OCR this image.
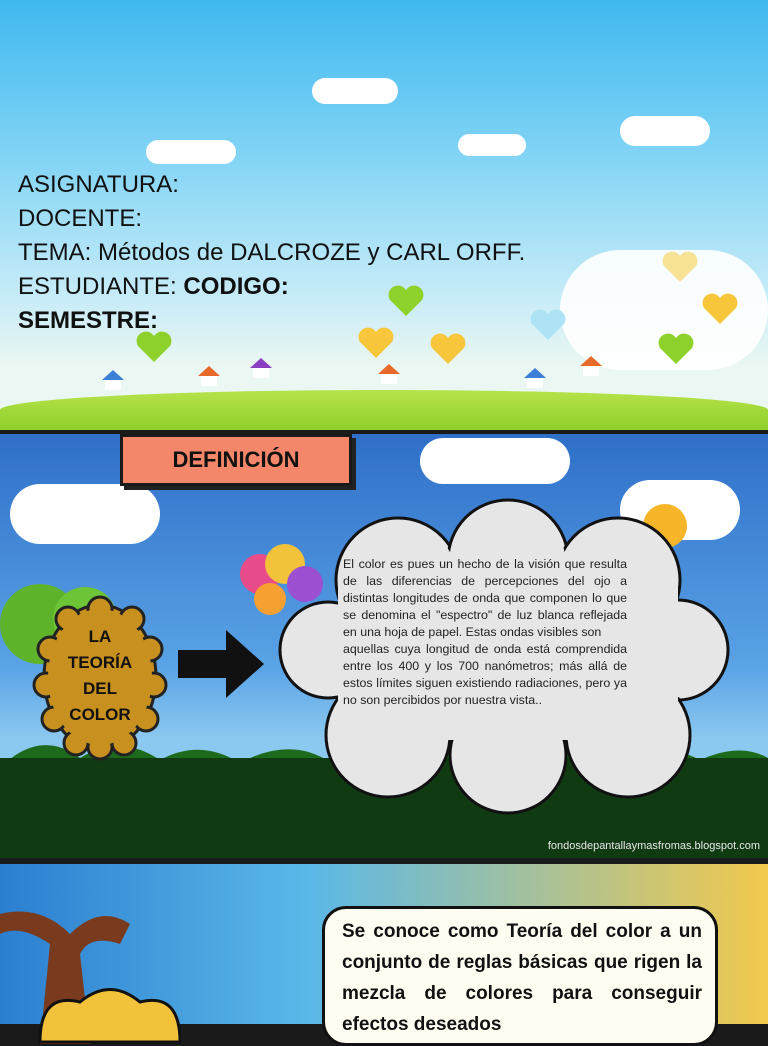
ASIGNATURA:
DOCENTE:
TEMA: Métodos de DALCROZE y CARL ORFF.
ESTUDIANTE: CODIGO:
SEMESTRE:
DEFINICIÓN
LA
TEORÍA
DEL
COLOR

El color es pues un hecho de la visión que resulta de las diferencias de percepciones del ojo a distintas longitudes de onda que componen lo que se denomina el "espectro" de luz blanca reflejada en una hoja de papel. Estas ondas visibles son

aquellas cuya longitud de onda está comprendida entre los 400 y los 700 nanómetros; más allá de estos límites siguen existiendo radiaciones, pero ya no son percibidos por nuestra vista..

fondosdepantallaymasfromas.blogspot.com
Se conoce como Teoría del color a un conjunto de reglas básicas que rigen la mezcla de colores para conseguir efectos deseados
